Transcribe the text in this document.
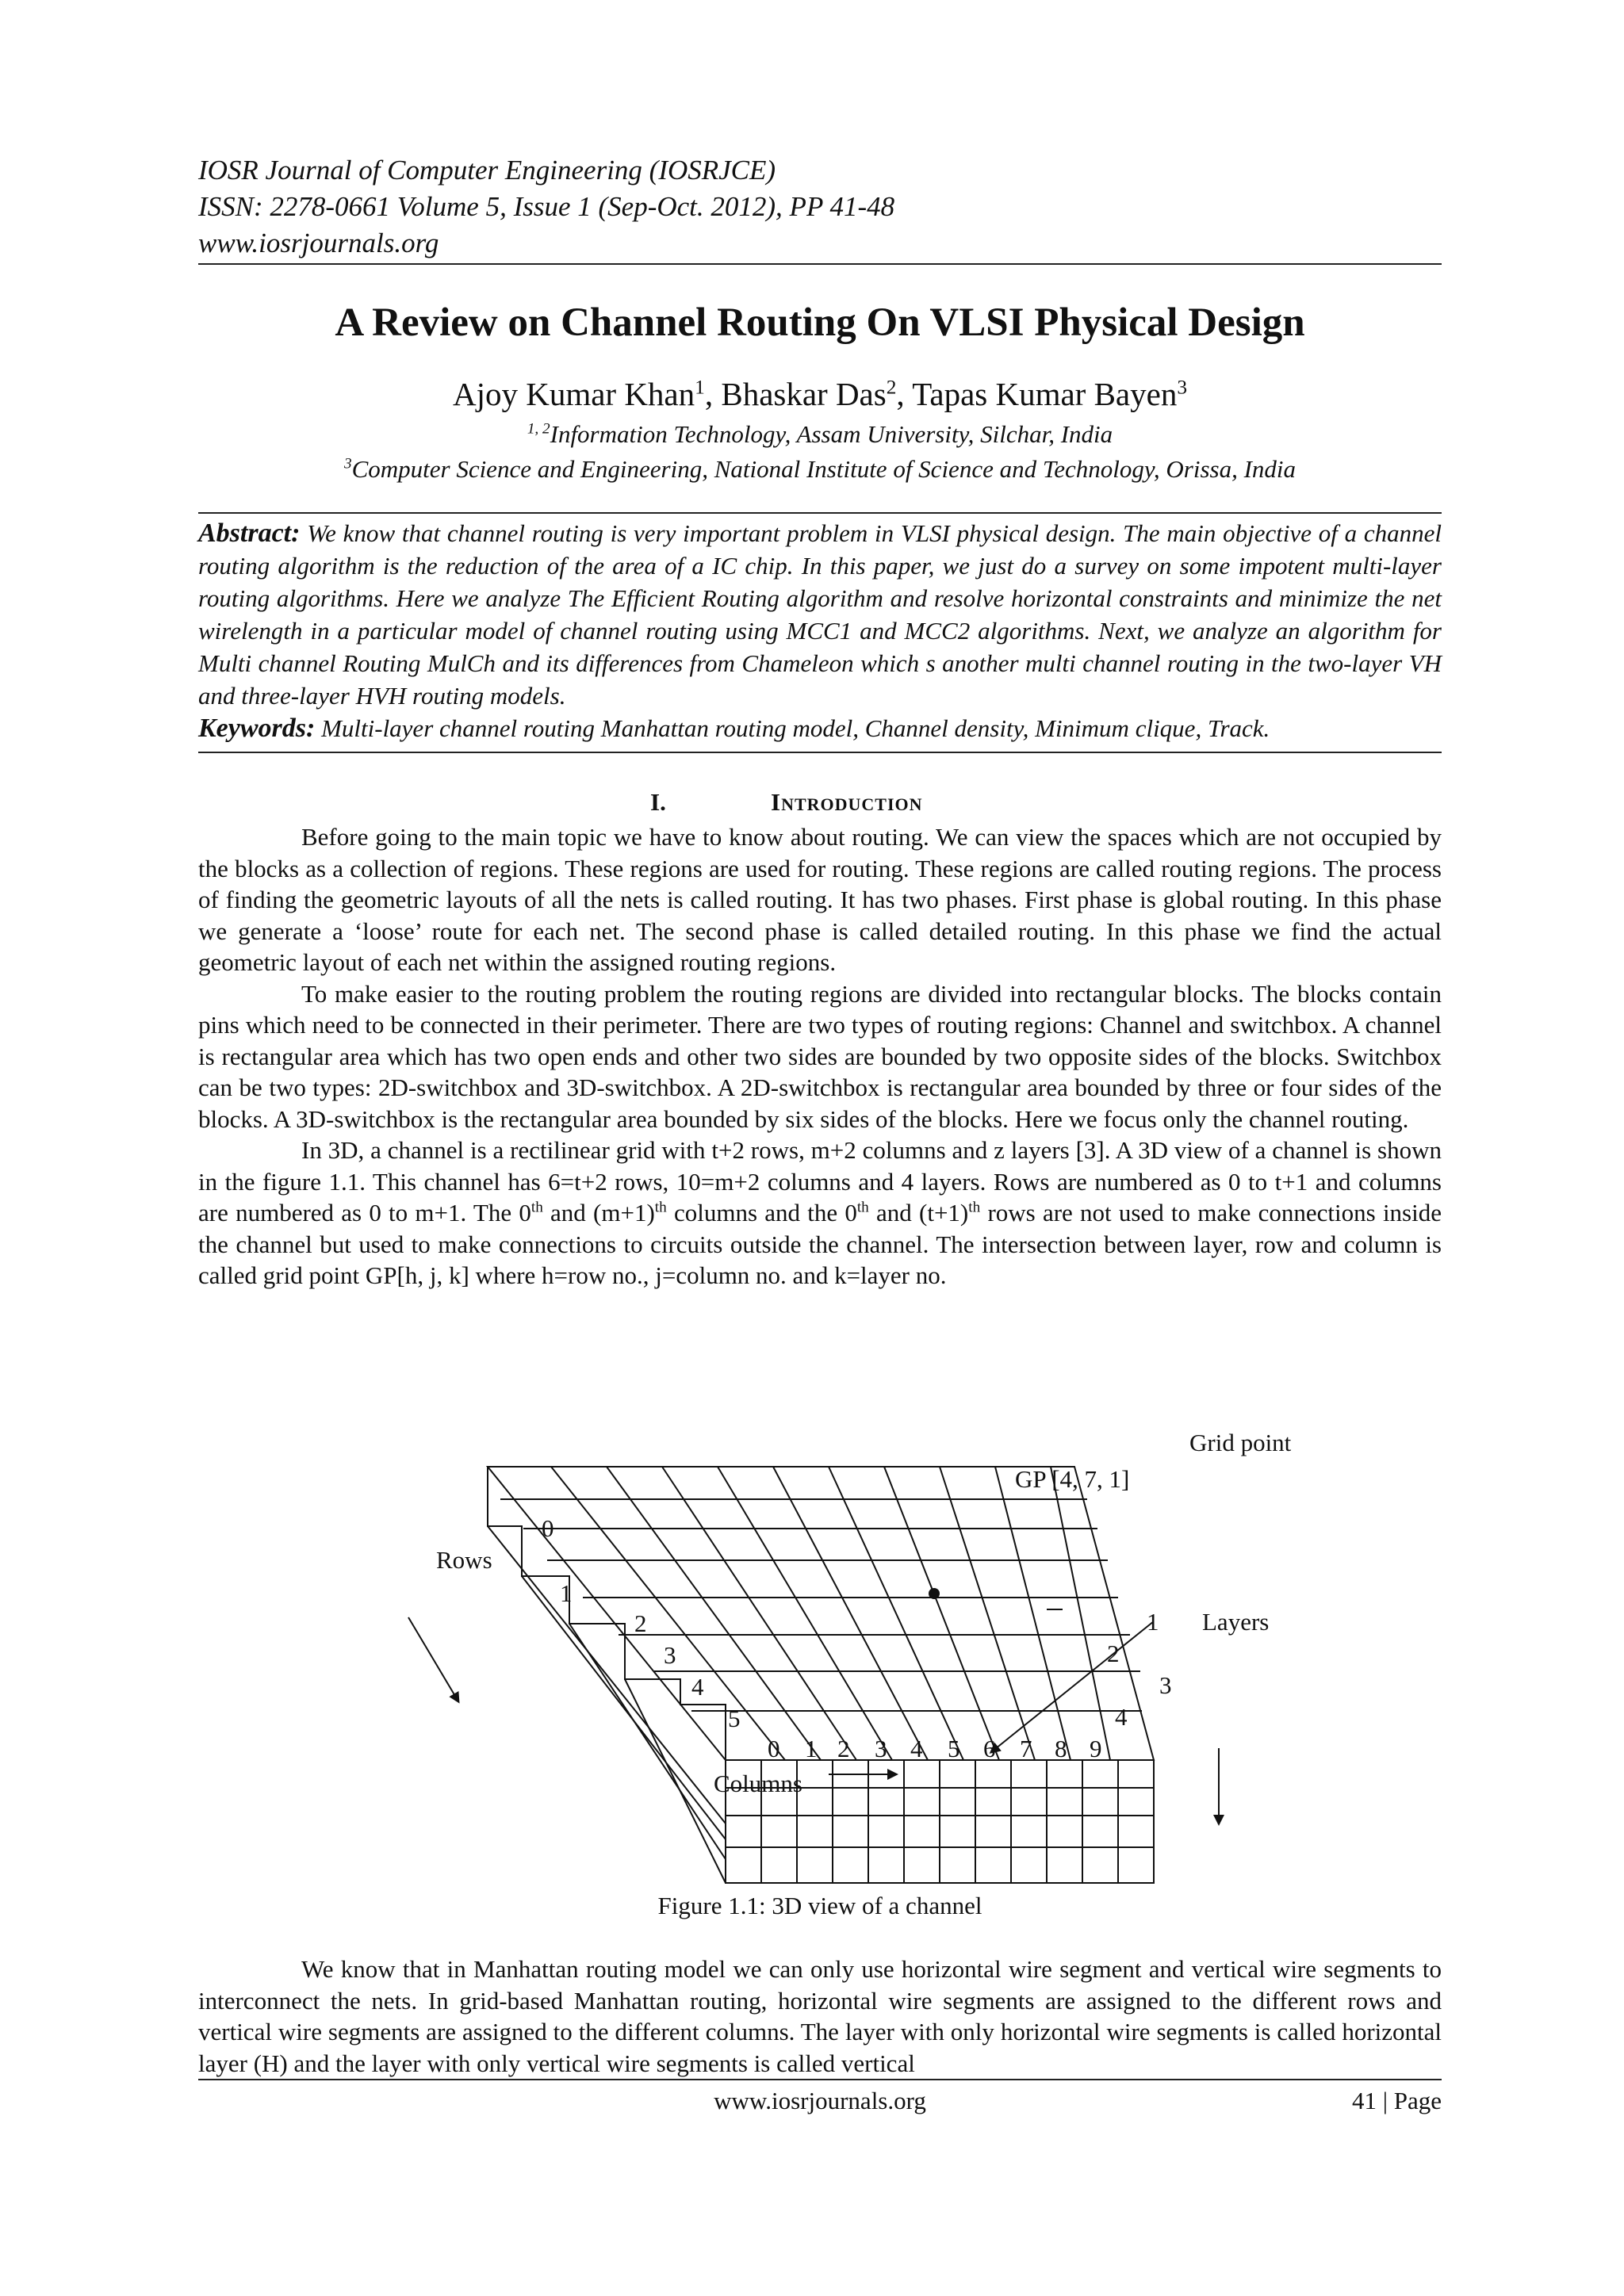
IOSR Journal of Computer Engineering (IOSRJCE)
ISSN: 2278-0661 Volume 5, Issue 1 (Sep-Oct. 2012), PP 41-48
www.iosrjournals.org
A Review on Channel Routing On VLSI Physical Design
Ajoy Kumar Khan$^1$, Bhaskar Das$^2$, Tapas Kumar Bayen$^3$
$^{1, 2}$Information Technology, Assam University, Silchar, India
$^3$Computer Science and Engineering, National Institute of Science and Technology, Orissa, India
Abstract: We know that channel routing is very important problem in VLSI physical design. The main objective of a channel routing algorithm is the reduction of the area of a IC chip. In this paper, we just do a survey on some impotent multi-layer routing algorithms. Here we analyze The Efficient Routing algorithm and resolve horizontal constraints and minimize the net wirelength in a particular model of channel routing using MCC1 and MCC2 algorithms. Next, we analyze an algorithm for Multi channel Routing MulCh and its differences from Chameleon which s another multi channel routing in the two-layer VH and three-layer HVH routing models.
Keywords: Multi-layer channel routing Manhattan routing model, Channel density, Minimum clique, Track.
I.	Introduction

Before going to the main topic we have to know about routing. We can view the spaces which are not occupied by the blocks as a collection of regions. These regions are used for routing. These regions are called routing regions. The process of finding the geometric layouts of all the nets is called routing. It has two phases. First phase is global routing. In this phase we generate a ‘loose’ route for each net. The second phase is called detailed routing. In this phase we find the actual geometric layout of each net within the assigned routing regions.

To make easier to the routing problem the routing regions are divided into rectangular blocks. The blocks contain pins which need to be connected in their perimeter. There are two types of routing regions: Channel and switchbox. A channel is rectangular area which has two open ends and other two sides are bounded by two opposite sides of the blocks. Switchbox can be two types: 2D-switchbox and 3D-switchbox. A 2D-switchbox is rectangular area bounded by three or four sides of the blocks. A 3D-switchbox is the rectangular area bounded by six sides of the blocks. Here we focus only the channel routing.

In 3D, a channel is a rectilinear grid with t+2 rows, m+2 columns and z layers [3]. A 3D view of a channel is shown in the figure 1.1. This channel has 6=t+2 rows, 10=m+2 columns and 4 layers. Rows are numbered as 0 to t+1 and columns are numbered as 0 to m+1. The 0th and $(m+1)^{th}$ columns and the 0th and $(t+1)^{th}$ rows are not used to make connections inside the channel but used to make connections to circuits outside the channel. The intersection between layer, row and column is called grid point GP[h, j, k] where h=row no., j=column no. and k=layer no.

Grid point
GP [4, 7, 1]
Rows
Columns
Layers
0
1
2
3
4
5
0 1 2 3 4 5 6 7 8 9
1
2
3
4
Figure 1.1: 3D view of a channel

We know that in Manhattan routing model we can only use horizontal wire segment and vertical wire segments to interconnect the nets. In grid-based Manhattan routing, horizontal wire segments are assigned to the different rows and vertical wire segments are assigned to the different columns. The layer with only horizontal wire segments is called horizontal layer (H) and the layer with only vertical wire segments is called vertical

www.iosrjournals.org	41 | Page
